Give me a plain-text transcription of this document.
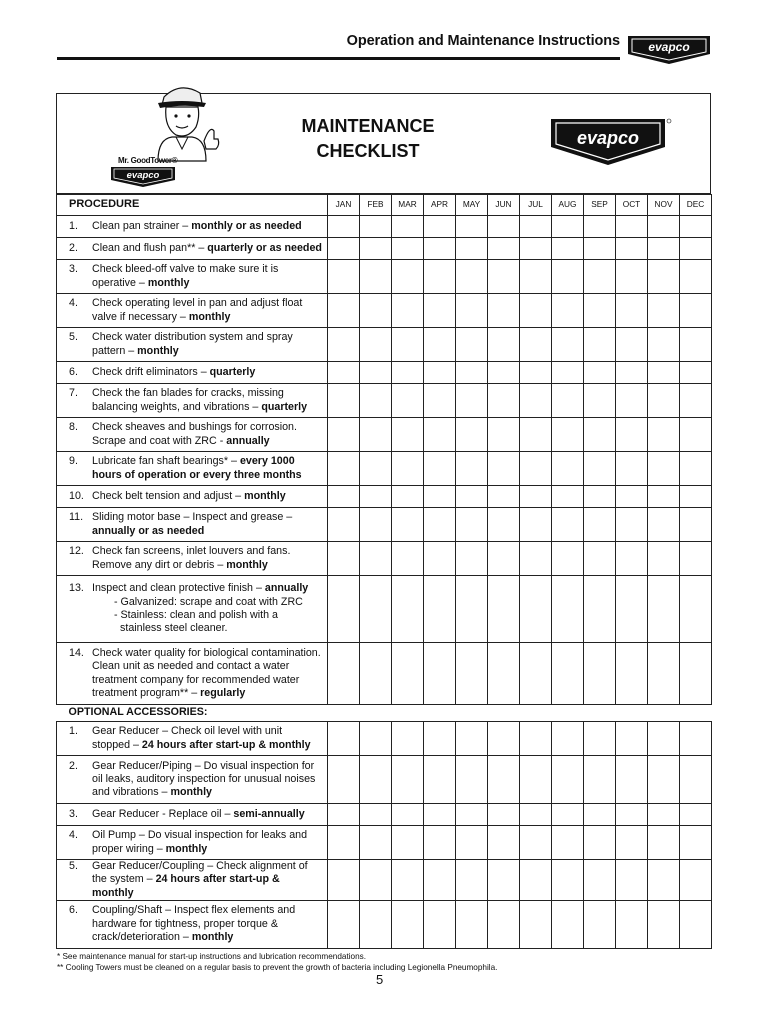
Operation and Maintenance Instructions evapco
Mr. GoodTower®
evapco
MAINTENANCE
CHECKLIST
evapco
PROCEDURE	JAN	FEB	MAR	APR	MAY	JUN	JUL	AUG	SEP	OCT	NOV	DEC

1. Clean pan strainer – monthly or as needed												

2. Clean and flush pan** – quarterly or as needed												

3. Check bleed-off valve to make sure it is operative – monthly												

4. Check operating level in pan and adjust float valve if necessary – monthly												

5. Check water distribution system and spray pattern – monthly												

6. Check drift eliminators – quarterly												

7. Check the fan blades for cracks, missing balancing weights, and vibrations – quarterly												

8. Check sheaves and bushings for corrosion. Scrape and coat with ZRC - annually												

9. Lubricate fan shaft bearings* – every 1000 hours of operation or every three months												

10. Check belt tension and adjust – monthly												

11. Sliding motor base – Inspect and grease – annually or as needed												

12. Check fan screens, inlet louvers and fans. Remove any dirt or debris – monthly												

13. Inspect and clean protective finish – annually
- Galvanized: scrape and coat with ZRC
- Stainless: clean and polish with a
stainless steel cleaner.												

14. Check water quality for biological contamination. Clean unit as needed and contact a water treatment company for recommended water treatment program** – regularly												

OPTIONAL ACCESSORIES:												

1. Gear Reducer – Check oil level with unit stopped – 24 hours after start-up & monthly												

2. Gear Reducer/Piping – Do visual inspection for oil leaks, auditory inspection for unusual noises and vibrations – monthly												

3. Gear Reducer - Replace oil – semi-annually												

4. Oil Pump – Do visual inspection for leaks and proper wiring – monthly												

5. Gear Reducer/Coupling – Check alignment of the system – 24 hours after start-up & monthly												

6. Coupling/Shaft – Inspect flex elements and hardware for tightness, proper torque & crack/deterioration – monthly												

* See maintenance manual for start-up instructions and lubrication recommendations.
** Cooling Towers must be cleaned on a regular basis to prevent the growth of bacteria including Legionella Pneumophila.
5
